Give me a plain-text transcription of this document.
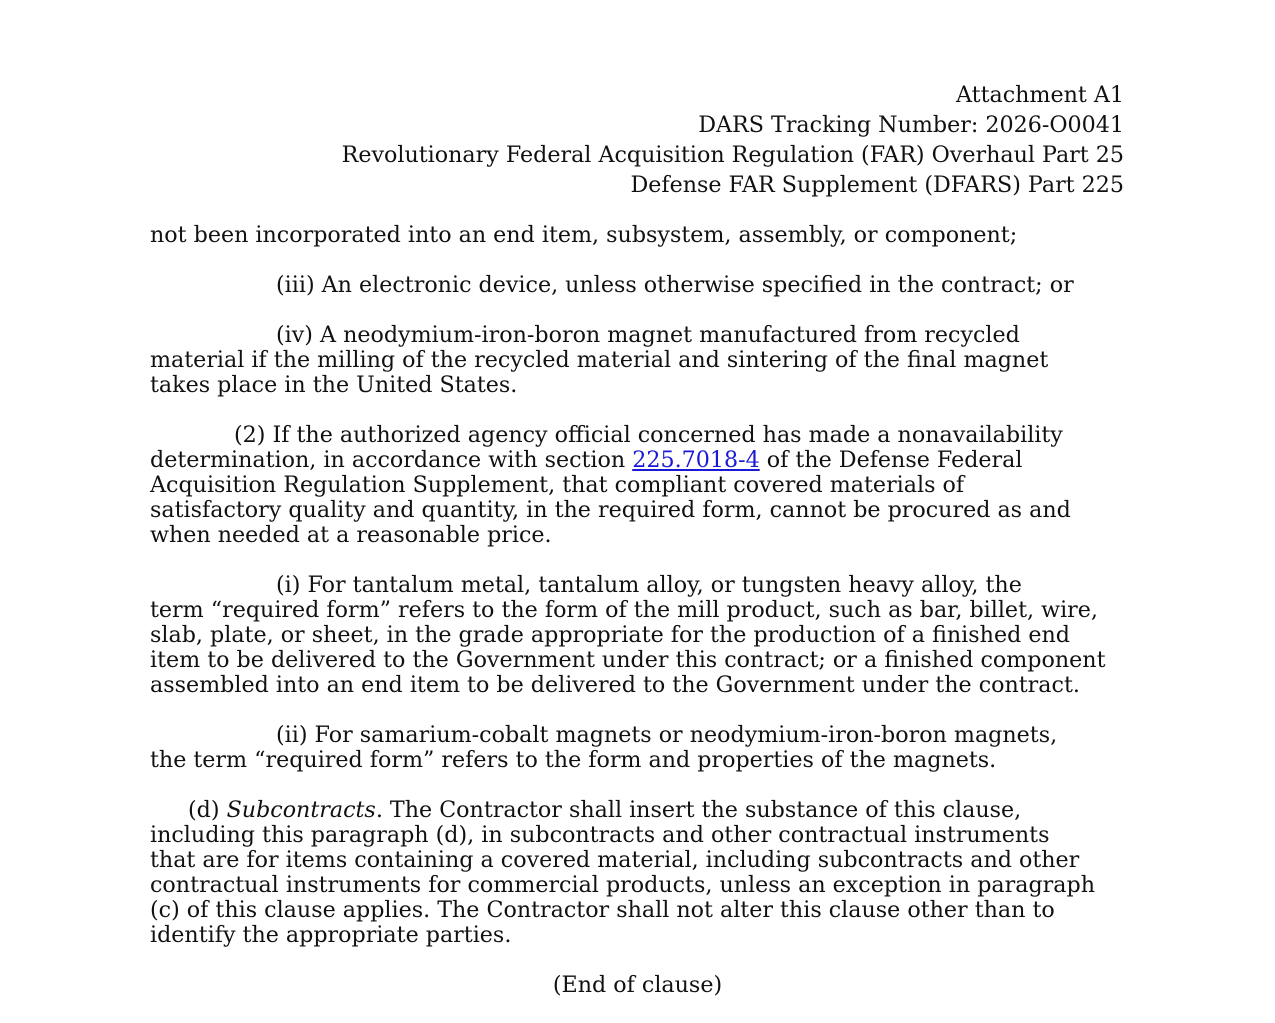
Attachment A1
DARS Tracking Number: 2026-O0041
Revolutionary Federal Acquisition Regulation (FAR) Overhaul Part 25
Defense FAR Supplement (DFARS) Part 225

not been incorporated into an end item, subsystem, assembly, or component;

(iii) An electronic device, unless otherwise specified in the contract; or

(iv) A neodymium-iron-boron magnet manufactured from recycled
material if the milling of the recycled material and sintering of the final magnet
takes place in the United States.

(2) If the authorized agency official concerned has made a nonavailability
determination, in accordance with section 225.7018-4 of the Defense Federal
Acquisition Regulation Supplement, that compliant covered materials of
satisfactory quality and quantity, in the required form, cannot be procured as and
when needed at a reasonable price.

(i) For tantalum metal, tantalum alloy, or tungsten heavy alloy, the
term “required form” refers to the form of the mill product, such as bar, billet, wire,
slab, plate, or sheet, in the grade appropriate for the production of a finished end
item to be delivered to the Government under this contract; or a finished component
assembled into an end item to be delivered to the Government under the contract.

(ii) For samarium-cobalt magnets or neodymium-iron-boron magnets,
the term “required form” refers to the form and properties of the magnets.

(d) Subcontracts. The Contractor shall insert the substance of this clause,
including this paragraph (d), in subcontracts and other contractual instruments
that are for items containing a covered material, including subcontracts and other
contractual instruments for commercial products, unless an exception in paragraph
(c) of this clause applies. The Contractor shall not alter this clause other than to
identify the appropriate parties.

(End of clause)
